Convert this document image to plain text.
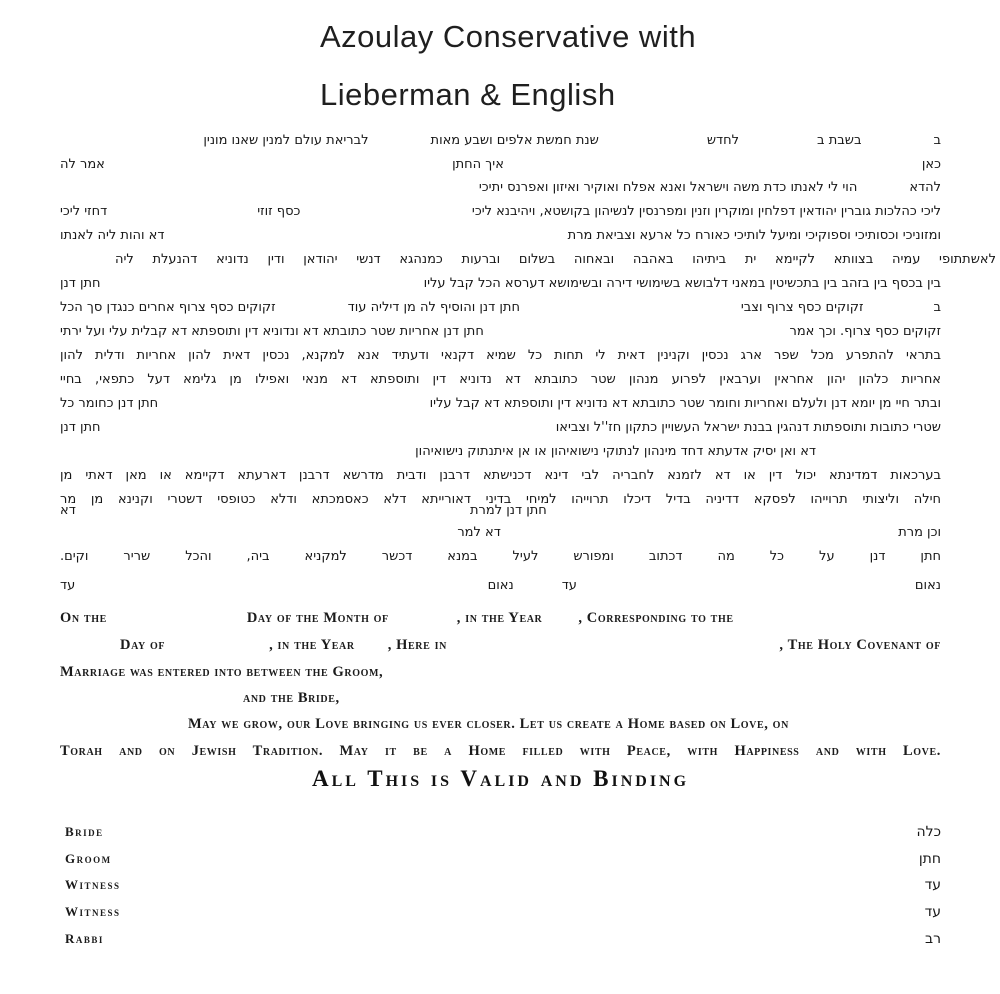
Azoulay Conservative with
Lieberman & English
ב
בשבת ב
לחדש
שנת חמשת אלפים ושבע מאות
לבריאת עולם למנין שאנו מונין
כאן
איך החתן
אמר לה
להדא
הוי לי לאנתו כדת משה וישראל ואנא אפלח ואוקיר ואיזון ואפרנס יתיכי
ליכי כהלכות גוברין יהודאין דפלחין ומוקרין וזנין ומפרנסין לנשיהון בקושטא, ויהיבנא ליכי
כסף זוזי
דחזי ליכי
ומזוניכי וכסותיכי וספוקיכי ומיעל לותיכי כאורח כל ארעא וצביאת מרת
דא והות ליה לאנתו
לאשתתופי עמיה בצוותא לקיימא ית ביתיהו באהבה ובאחוה בשלום וברעות כמנהגא דנשי יהודאן ודין נדוניא דהנעלת ליה
בין בכסף בין בזהב בין בתכשיטין במאני דלבושא בשימושי דירה ובשימושא דערסא הכל קבל עליו
חתן דנן
ב
זקוקים כסף צרוף וצבי
חתן דנן והוסיף לה מן דיליה עוד
זקוקים כסף צרוף אחרים כנגדן סך הכל
זקוקים כסף צרוף. וכך אמר
חתן דנן אחריות שטר כתובתא דא ונדוניא דין ותוספתא דא קבלית עלי ועל ירתי
בתראי להתפרע מכל שפר ארג נכסין וקנינין דאית לי תחות כל שמיא דקנאי ודעתיד אנא למקנא, נכסין דאית להון אחריות ודלית להון
אחריות כלהון יהון אחראין וערבאין לפרוע מנהון שטר כתובתא דא נדוניא דין ותוספתא דא מנאי ואפילו מן גלימא דעל כתפאי, בחיי
ובתר חיי מן יומא דנן ולעלם ואחריות וחומר שטר כתובתא דא נדוניא דין ותוספתא דא קבל עליו
חתן דנן כחומר כל
שטרי כתובות ותוספתות דנהגין בבנת ישראל העשויין כתקון חז''ל וצביאו
חתן דנן
דא ואן יסיק אדעתא דחד מינהון לנתוקי נישואיהון או אן איתנתוק נישואיהון
בערכאות דמדינתא יכול דין או דא לזמנא לחבריה לבי דינא דכנישתא דרבנן ודבית מדרשא דרבנן דארעתא דקיימא או מאן דאתי מן
חילה וליצותי תרוייהו לפסקא דדיניה בדיל דיכלו תרוייהו למיחי בדיני דאורייתא דלא כאסמכתא ודלא כטופסי דשטרי וקנינא מן מר
חתן דנן למרת
דא
וכן מרת
דא למר
חתן דנן על כל מה דכתוב ומפורש לעיל במנא דכשר למקניא ביה, והכל שריר וקים.
נאום
עד
נאום
עד
On the	Day of the Month of	, in the Year , Corresponding to the
Day of	, in the Year , Here in	, The Holy Covenant of
Marriage was entered into between the Groom,
and the Bride,
May we grow, our Love bringing us ever closer. Let us create a Home based on Love, on
Torah and on Jewish Tradition. May it be a Home filled with Peace, with Happiness and with Love.
All This is Valid and Binding
Bride	כלה
Groom	חתן
Witness	עד
Witness	עד
Rabbi	רב
